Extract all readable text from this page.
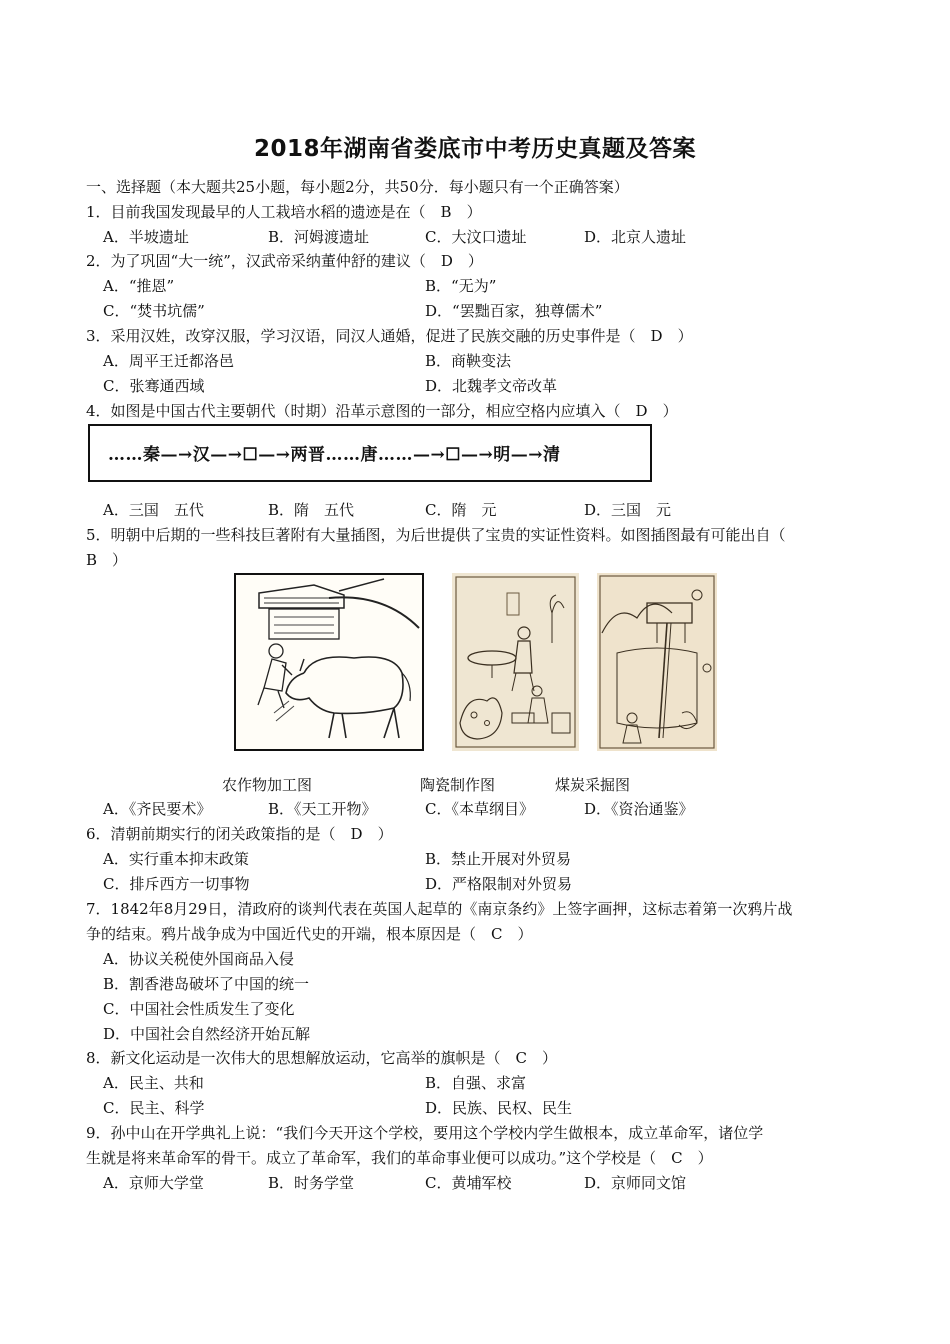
2018年湖南省娄底市中考历史真题及答案
一、选择题（本大题共25小题，每小题2分，共50分．每小题只有一个正确答案）
1．目前我国发现最早的人工栽培水稻的遗迹是在（　B　）
A．半坡遗址	B．河姆渡遗址	C．大汶口遗址	D．北京人遗址
2．为了巩固“大一统”，汉武帝采纳董仲舒的建议（　D　）
A．“推恩”	B．“无为”
C．“焚书坑儒”	D．“罢黜百家，独尊儒术”
3．采用汉姓，改穿汉服，学习汉语，同汉人通婚，促进了民族交融的历史事件是（　D　）
A．周平王迁都洛邑	B．商鞅变法
C．张骞通西域	D．北魏孝文帝改革
4．如图是中国古代主要朝代（时期）沿革示意图的一部分，相应空格内应填入（　D　）
……秦—→汉—→☐—→两晋……唐……—→☐—→明—→清
A．三国　五代	B．隋　五代	C．隋　元	D．三国　元
5．明朝中后期的一些科技巨著附有大量插图，为后世提供了宝贵的实证性资料。如图插图最有可能出自（
B　）
农作物加工图	陶瓷制作图	煤炭采掘图
A．《齐民要术》	B．《天工开物》	C．《本草纲目》	D．《资治通鉴》
6．清朝前期实行的闭关政策指的是（　D　）
A．实行重本抑末政策	B．禁止开展对外贸易
C．排斥西方一切事物	D．严格限制对外贸易
7．1842年8月29日，清政府的谈判代表在英国人起草的《南京条约》上签字画押，这标志着第一次鸦片战
争的结束。鸦片战争成为中国近代史的开端，根本原因是（　C　）
A．协议关税使外国商品入侵
B．割香港岛破坏了中国的统一
C．中国社会性质发生了变化
D．中国社会自然经济开始瓦解
8．新文化运动是一次伟大的思想解放运动，它高举的旗帜是（　C　）
A．民主、共和	B．自强、求富
C．民主、科学	D．民族、民权、民生
9．孙中山在开学典礼上说：“我们今天开这个学校，要用这个学校内学生做根本，成立革命军，诸位学
生就是将来革命军的骨干。成立了革命军，我们的革命事业便可以成功。”这个学校是（　C　）
A．京师大学堂	B．时务学堂	C．黄埔军校	D．京师同文馆
